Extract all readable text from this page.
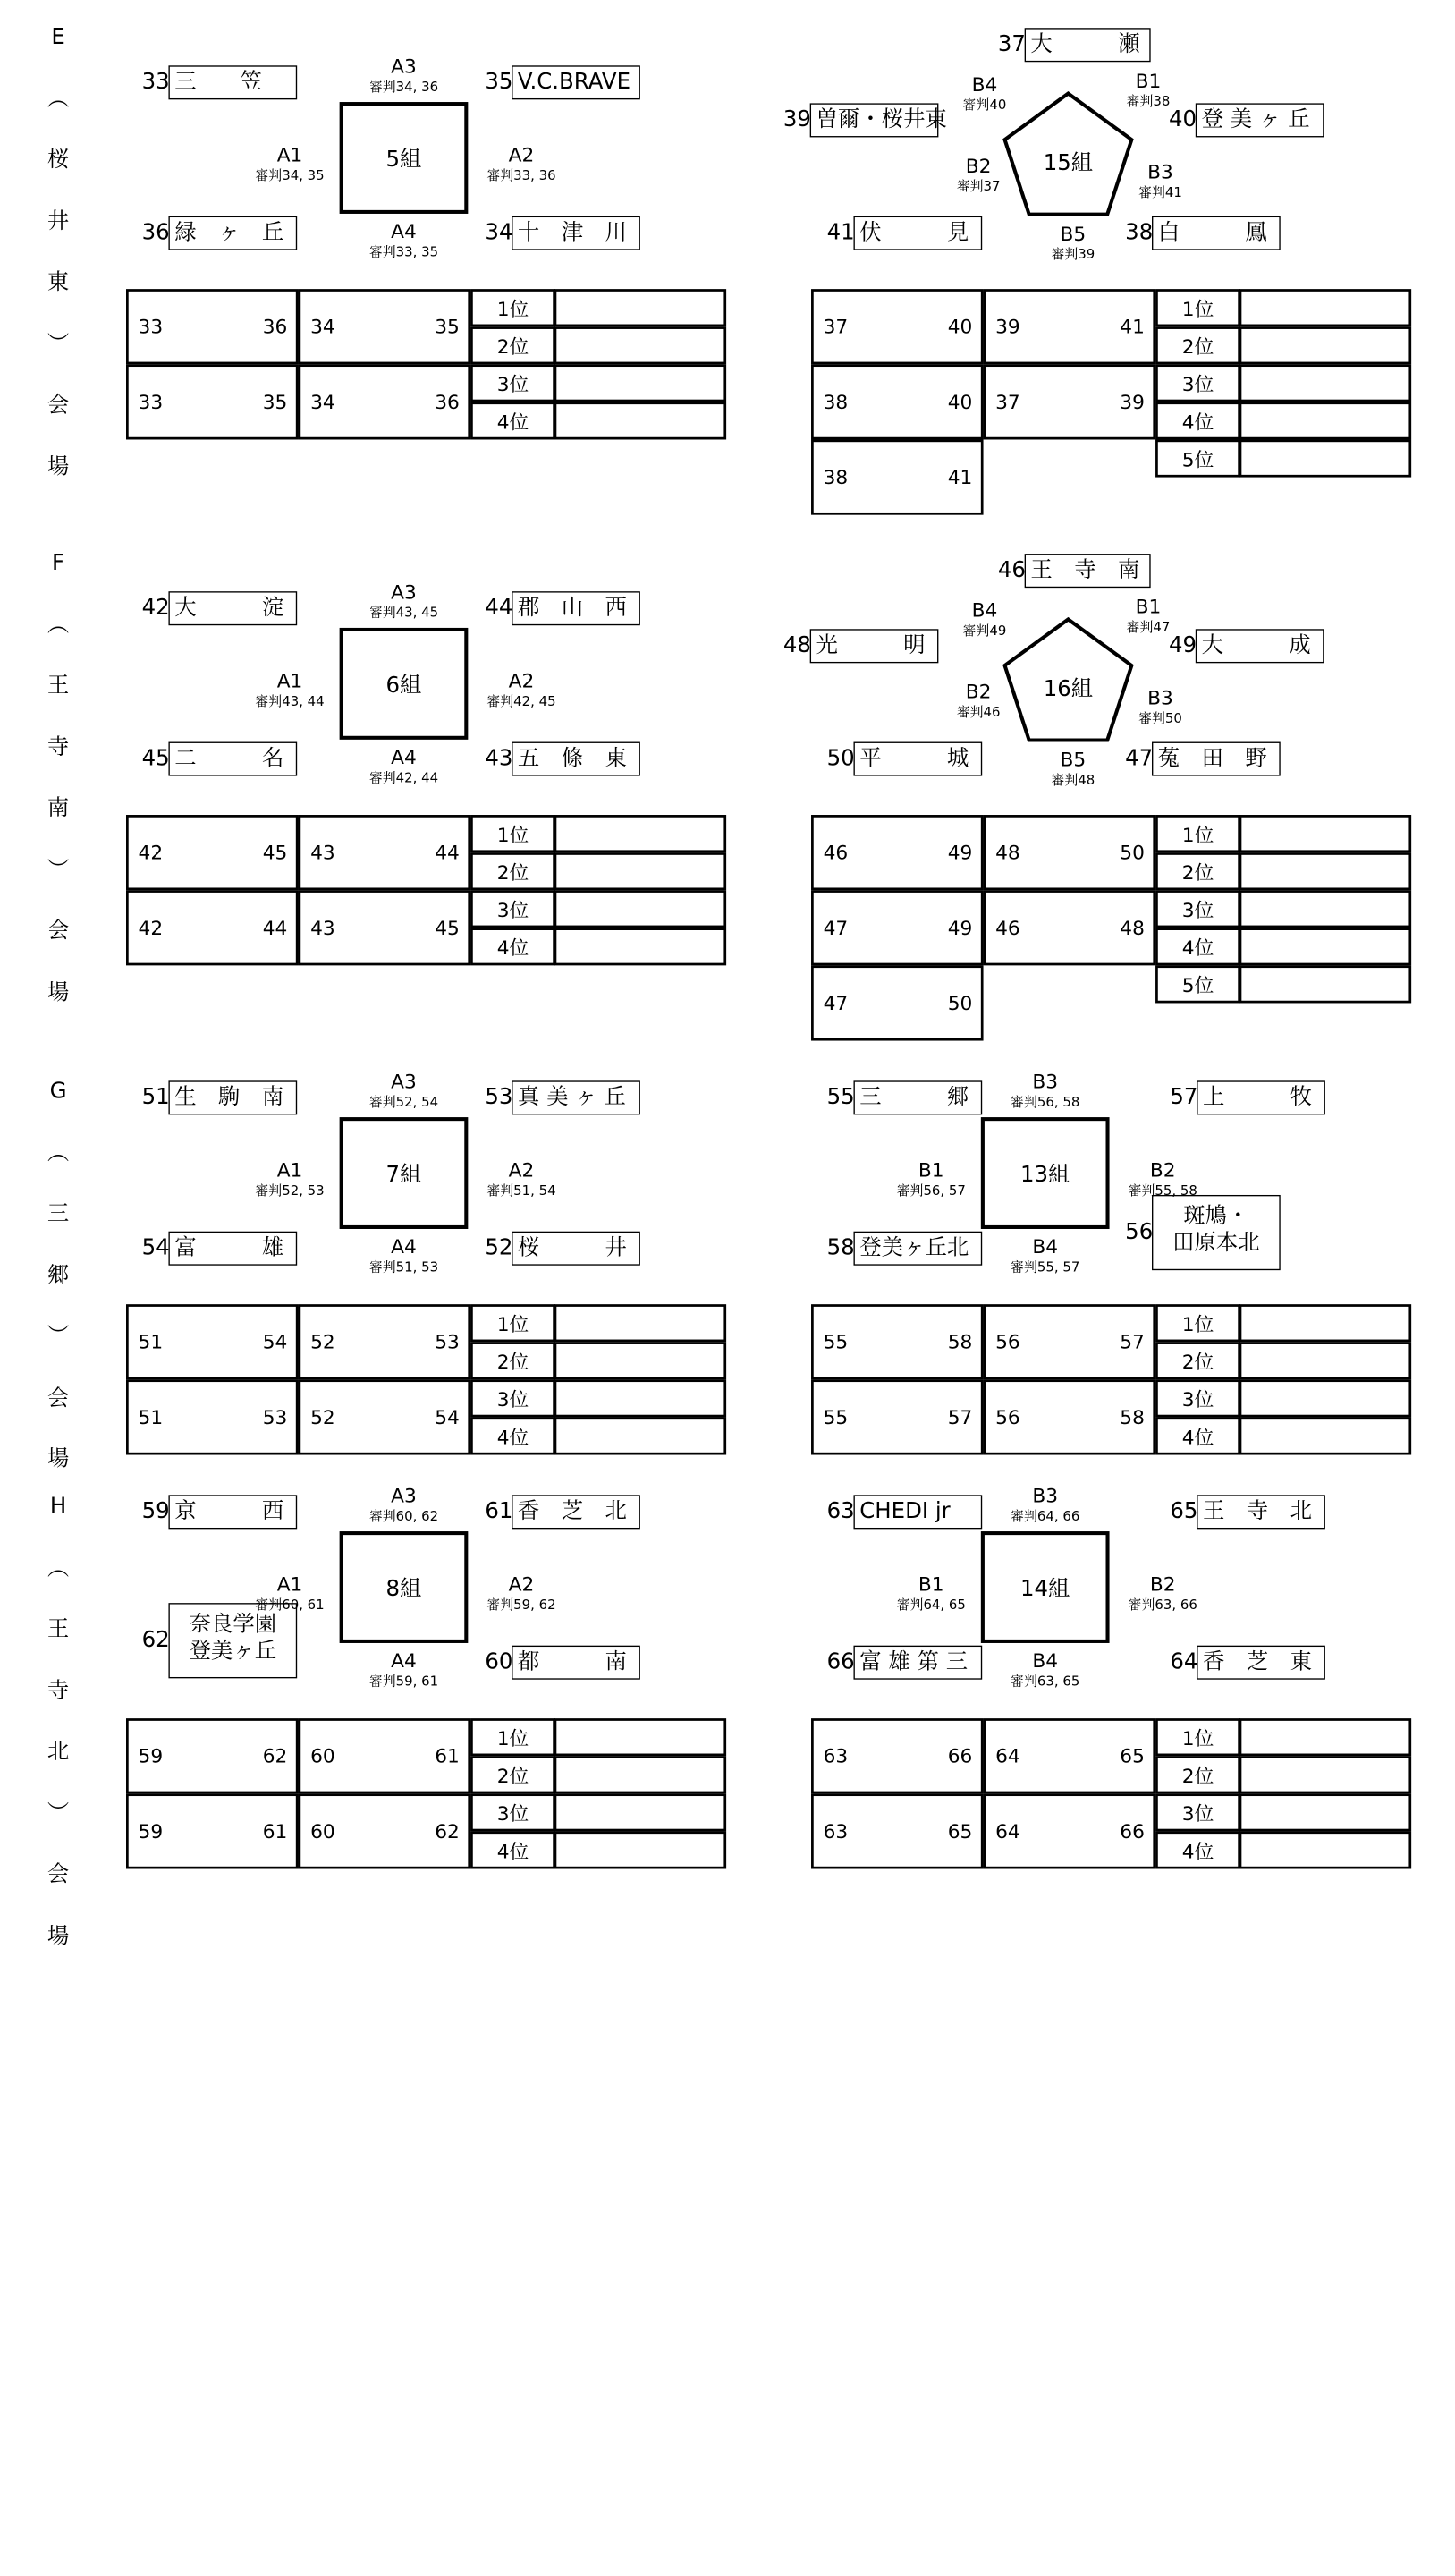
E
︵
桜
井
東
︶
会
場
F
︵
王
寺
南
︶
会
場
G
︵
三
郷
︶
会
場
H
︵
王
寺
北
︶
会
場
5組
33 三　　笠	35 V.C.BRAVE
36 緑　ヶ　丘	34 十　津　川
A3
審判34, 36
A2
審判33, 36
A1
審判34, 35
A4
審判33, 35
33	36 34	35
33	35 34	36
1位
2位
3位
4位
15組
37 大　　　瀬
39 曽爾・桜井東	40 登 美 ヶ 丘
41 伏　　　見	38 白　　　鳳
B1
審判38
B4
審判40
B3
審判41
B2
審判37
B5
審判39
37	40 39	41
38	40 37	39
38	41
1位
2位
3位
4位
5位
6組
42 大　　　淀	44 郡　山　西
45 二　　　名	43 五　條　東
A3
審判43, 45
A2
審判42, 45
A1
審判43, 44
A4
審判42, 44
42	45 43	44
42	44 43	45
1位
2位
3位
4位
16組
46 王　寺　南
48 光　　　明	49 大　　　成
50 平　　　城	47 菟　田　野
B1
審判47
B4
審判49
B3
審判50
B2
審判46
B5
審判48
46	49 48	50
47	49 46	48
47	50
1位
2位
3位
4位
5位
7組
51 生　駒　南	53 真 美 ヶ 丘
54 富　　　雄	52 桜　　　井
A3
審判52, 54
A2
審判51, 54
A1
審判52, 53
A4
審判51, 53
51	54 52	53
51	53 52	54
1位
2位
3位
4位
13組
55 三　　　郷	57 上　　　牧
58 登美ヶ丘北
56
斑鳩・
田原本北
B3
審判56, 58
B2
審判55, 58
B1
審判56, 57
B4
審判55, 57
55	58 56	57
55	57 56	58
1位
2位
3位
4位
8組
59 京　　　西	61 香　芝　北
62
奈良学園
登美ヶ丘	60 都　　　南
A3
審判60, 62
A2
審判59, 62
A1
審判60, 61
A4
審判59, 61
59	62 60	61
59	61 60	62
1位
2位
3位
4位
14組
63 CHEDI jr	65 王　寺　北
66 富 雄 第 三	64 香　芝　東
B3
審判64, 66
B2
審判63, 66
B1
審判64, 65
B4
審判63, 65
63	66 64	65
63	65 64	66
1位
2位
3位
4位
